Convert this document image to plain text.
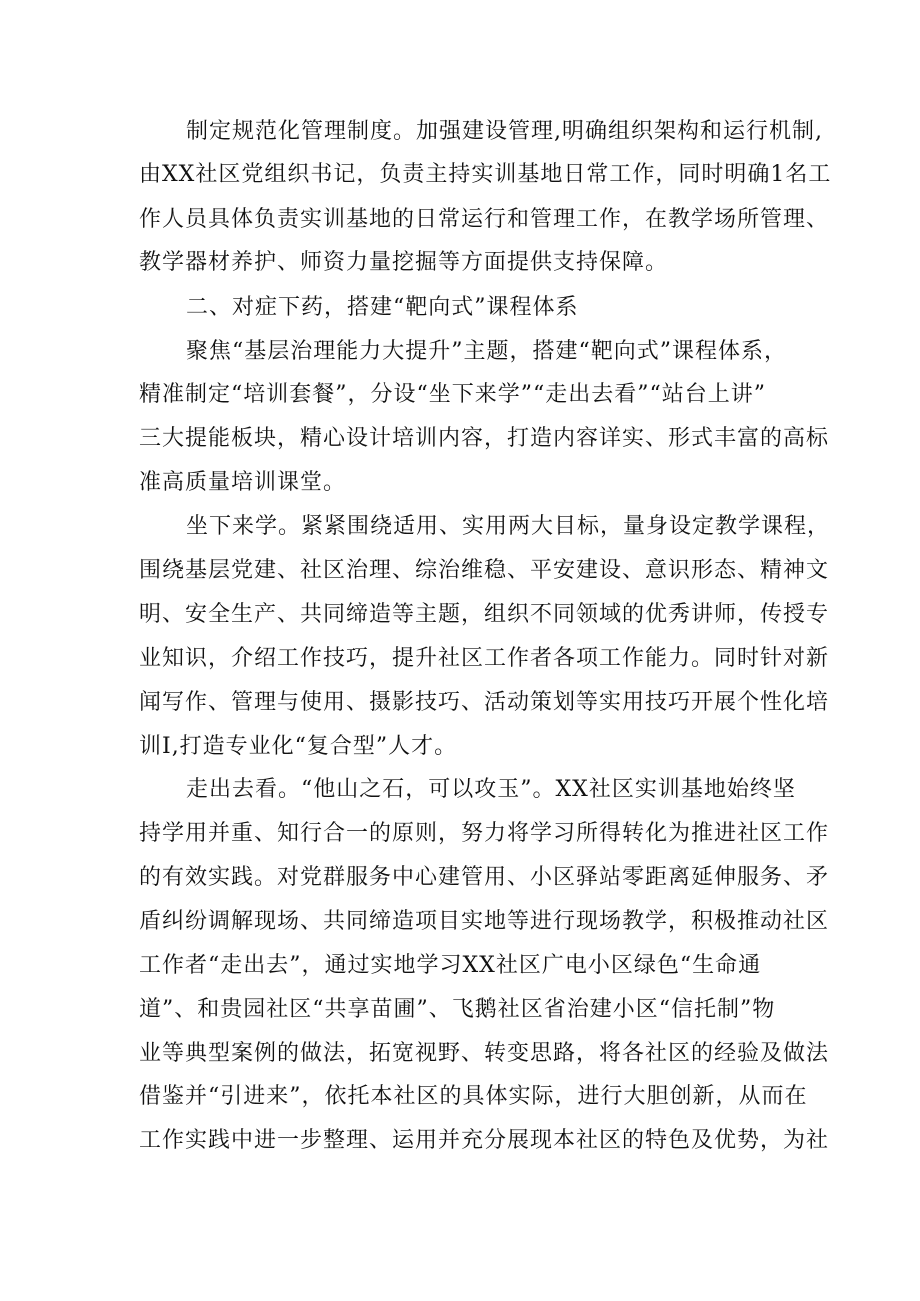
制定规范化管理制度。加强建设管理,明确组织架构和运行机制,
由XX社区党组织书记，负责主持实训基地日常工作，同时明确1名工
作人员具体负责实训基地的日常运行和管理工作，在教学场所管理、
教学器材养护、师资力量挖掘等方面提供支持保障。
二、对症下药，搭建“靶向式”课程体系
聚焦“基层治理能力大提升”主题，搭建“靶向式”课程体系，
精准制定“培训套餐”，分设“坐下来学”“走出去看”“站台上讲”
三大提能板块，精心设计培训内容，打造内容详实、形式丰富的高标
准高质量培训课堂。
坐下来学。紧紧围绕适用、实用两大目标，量身设定教学课程，
围绕基层党建、社区治理、综治维稳、平安建设、意识形态、精神文
明、安全生产、共同缔造等主题，组织不同领域的优秀讲师，传授专
业知识，介绍工作技巧，提升社区工作者各项工作能力。同时针对新
闻写作、管理与使用、摄影技巧、活动策划等实用技巧开展个性化培
训I,打造专业化“复合型”人才。
走出去看。“他山之石，可以攻玉”。XX社区实训基地始终坚
持学用并重、知行合一的原则，努力将学习所得转化为推进社区工作
的有效实践。对党群服务中心建管用、小区驿站零距离延伸服务、矛
盾纠纷调解现场、共同缔造项目实地等进行现场教学，积极推动社区
工作者“走出去”，通过实地学习XX社区广电小区绿色“生命通
道”、和贵园社区“共享苗圃”、飞鹅社区省治建小区“信托制”物
业等典型案例的做法，拓宽视野、转变思路，将各社区的经验及做法
借鉴并“引进来”，依托本社区的具体实际，进行大胆创新，从而在
工作实践中进一步整理、运用并充分展现本社区的特色及优势，为社
